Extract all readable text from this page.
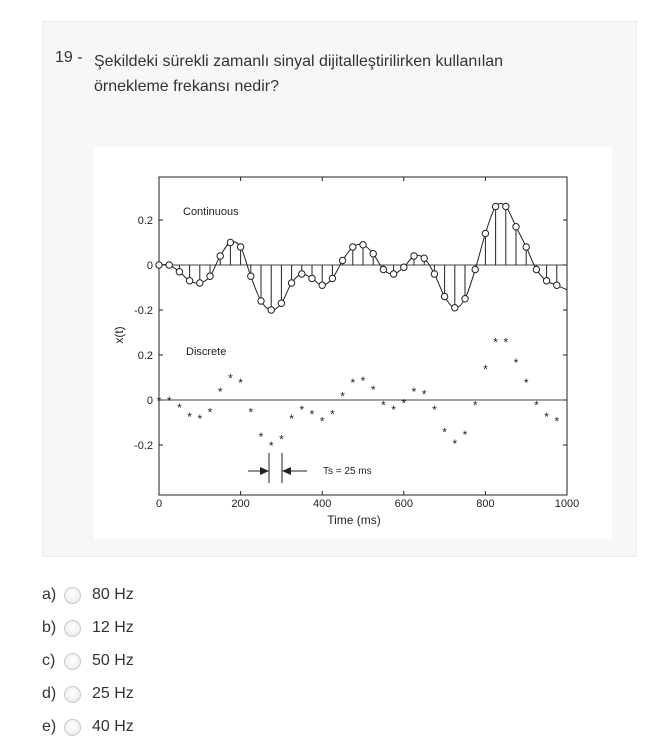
19 - Şekildeki sürekli zamanlı sinyal dijitalleştirilirken kullanılan
örnekleme frekansı nedir?
0	200	400	600	800	1000
0.2
0
-0.2
0.2
0
-0.2
* * *
* * *
*
* *
*
*
* *
*
* * * *
*
* *
*
* * *
* *
*
*
*
*
*
*
* *
*
*
*
* *
Continuous
Discrete
Ts = 25 ms
Time (ms)
x(t)
a) 80 Hz
b) 12 Hz
c) 50 Hz
d) 25 Hz
e) 40 Hz
